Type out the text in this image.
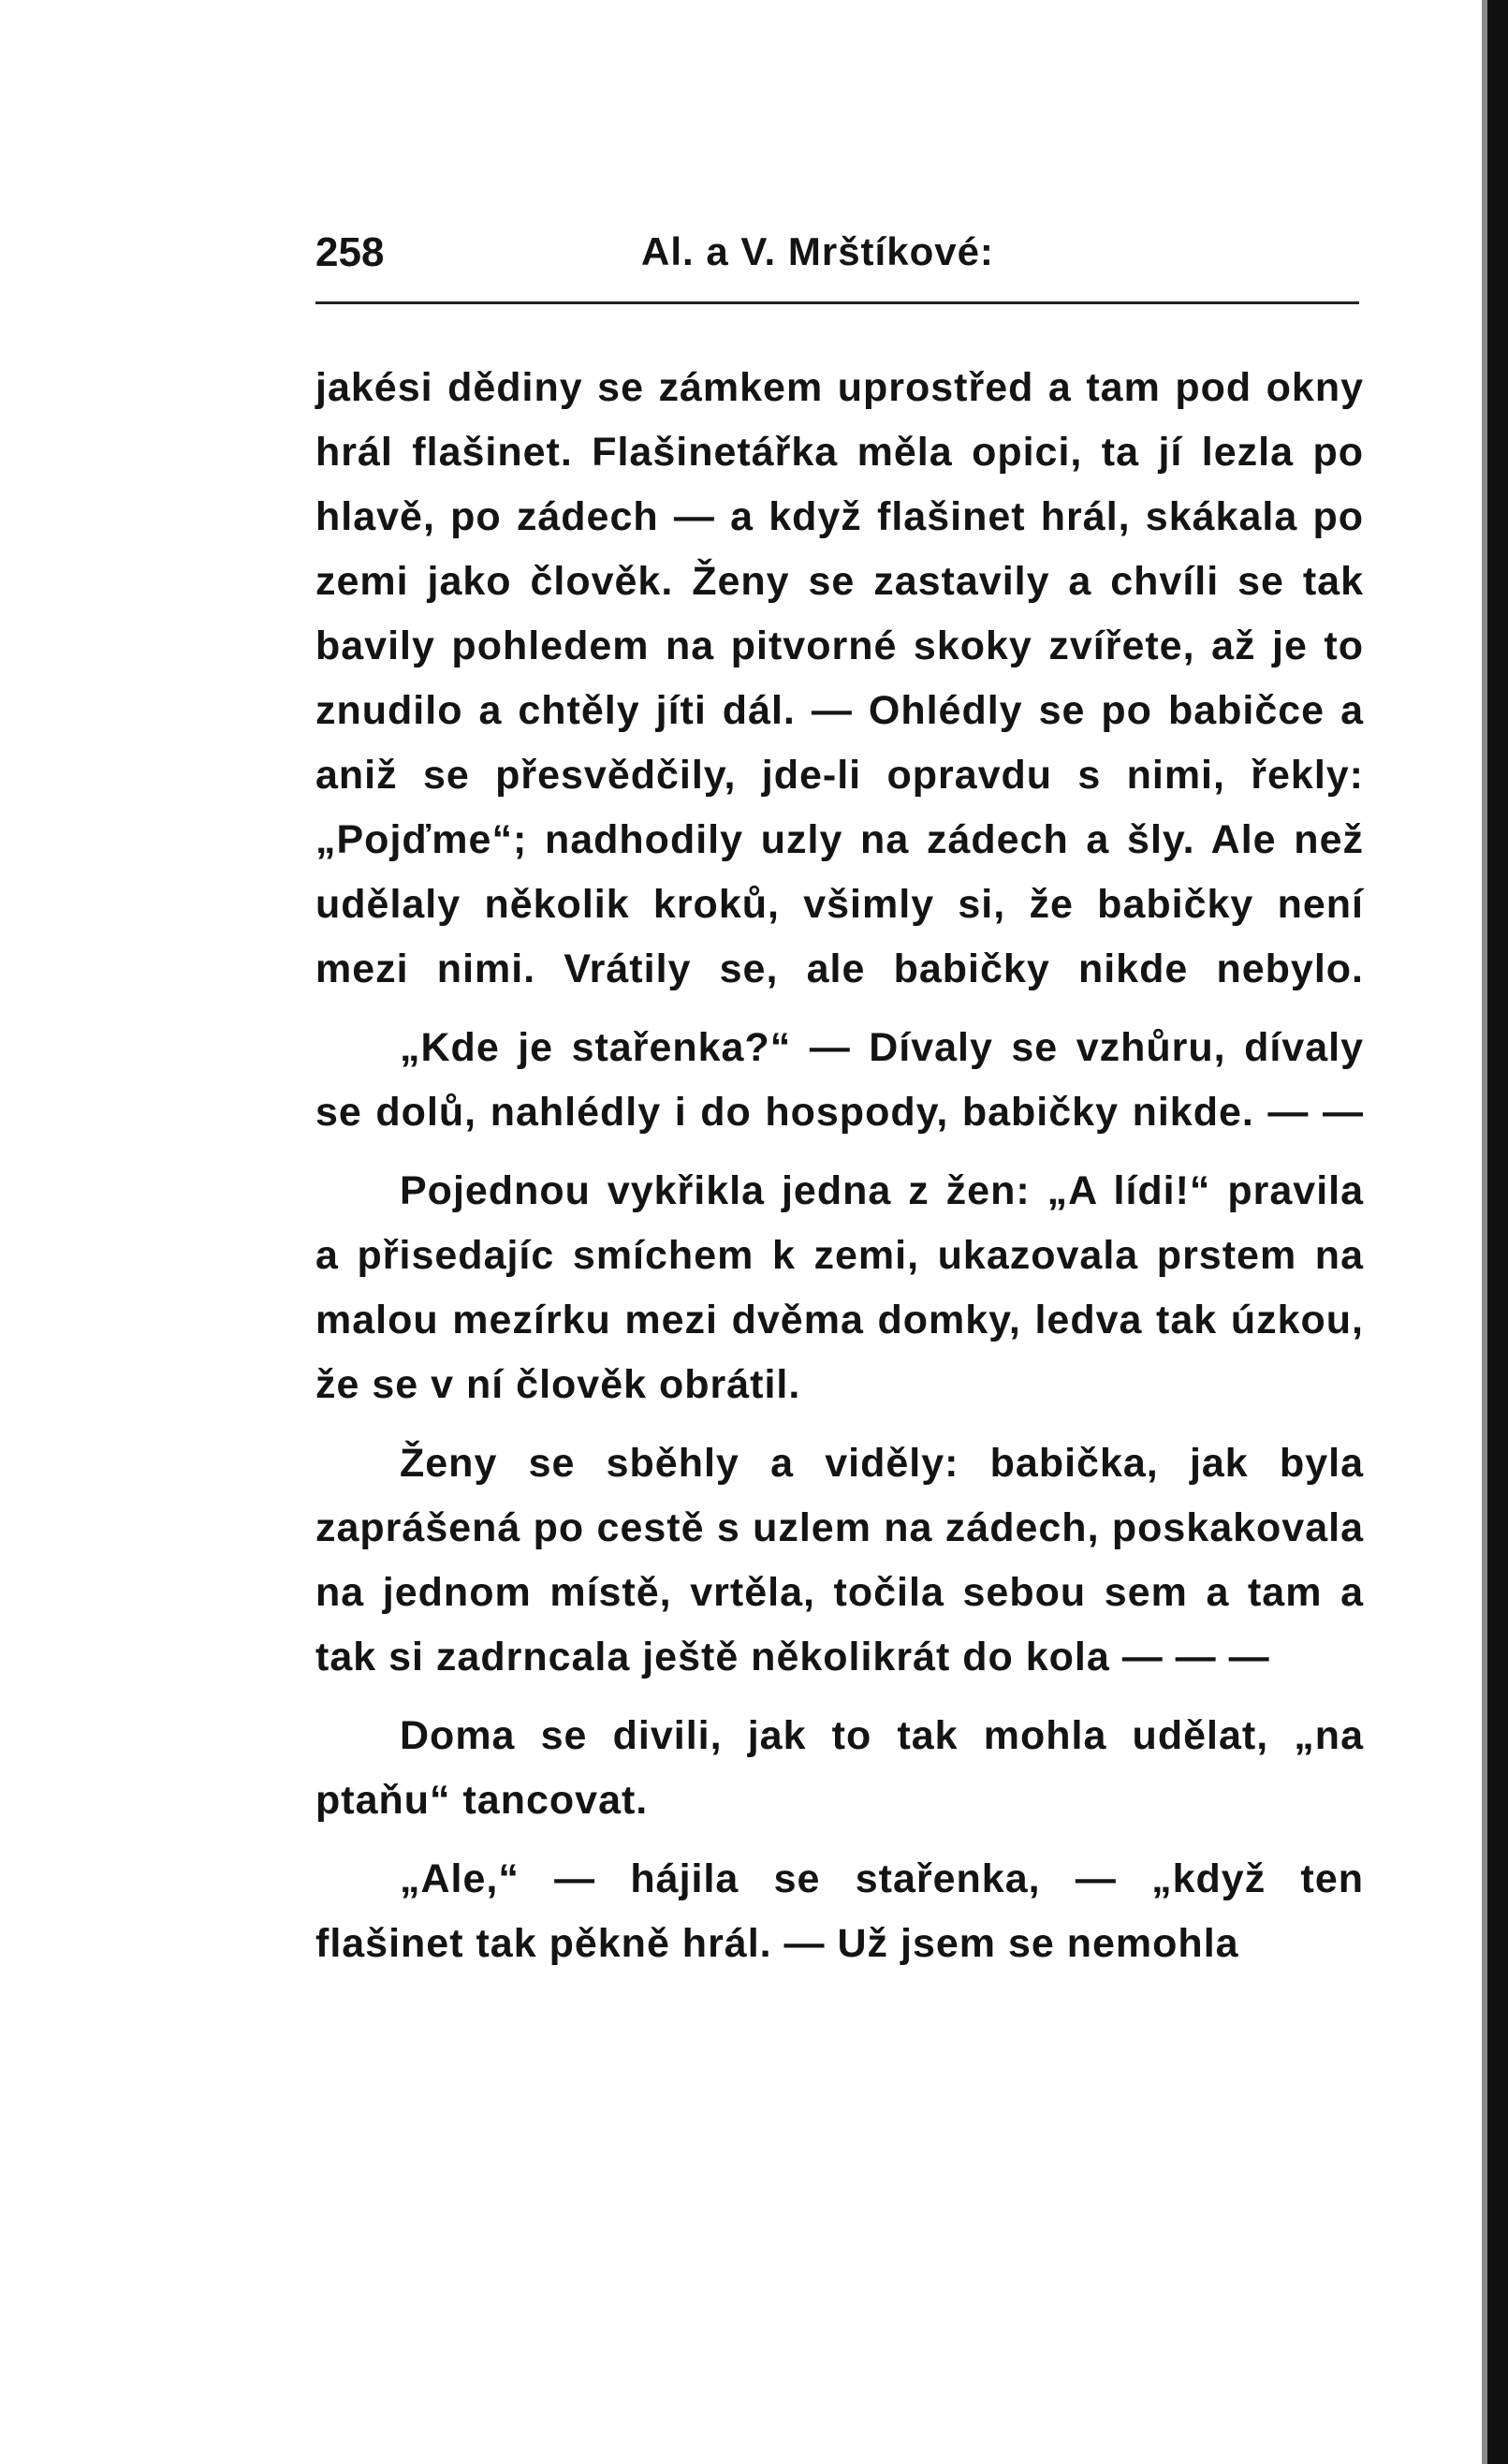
258	Al. a V. Mrštíkové:

jakési dědiny se zámkem uprostřed a tam pod okny hrál flašinet. Flašinetářka měla opici, ta jí lezla po hlavě, po zádech — a když flašinet hrál, skákala po zemi jako člověk. Ženy se zastavily a chvíli se tak bavily pohledem na pitvorné skoky zvířete, až je to znudilo a chtěly jíti dál. — Ohlédly se po babičce a aniž se přesvědčily, jde-li opravdu s nimi, řekly: „Pojďme“; nadhodily uzly na zádech a šly. Ale než udělaly několik kroků, všimly si, že babičky není mezi nimi. Vrátily se, ale babičky nikde nebylo.

„Kde je stařenka?“ — Dívaly se vzhůru, dívaly se dolů, nahlédly i do hospody, babičky nikde. — —

Pojednou vykřikla jedna z žen: „A lídi!“ pravila a přisedajíc smíchem k zemi, ukazovala prstem na malou mezírku mezi dvěma domky, ledva tak úzkou, že se v ní člověk obrátil.

Ženy se sběhly a viděly: babička, jak byla zaprášená po cestě s uzlem na zádech, poskakovala na jednom místě, vrtěla, točila sebou sem a tam a tak si zadrncala ještě několikrát do kola — — —

Doma se divili, jak to tak mohla udělat, „na ptaňu“ tancovat.

„Ale,“ — hájila se stařenka, — „když ten flašinet tak pěkně hrál. — Už jsem se nemohla
